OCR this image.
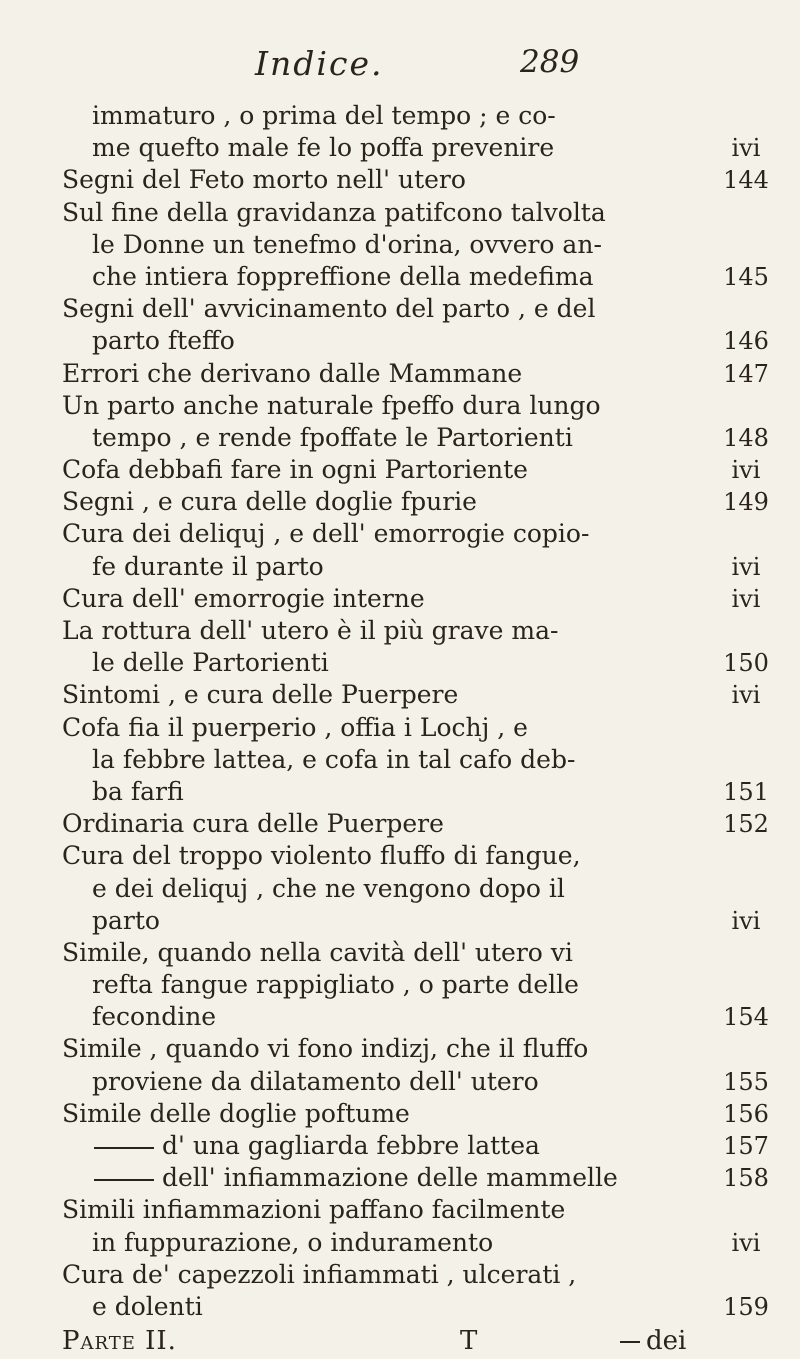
Indice.	289
immaturo , o prima del tempo ; e co-
me quefto male fe lo poffa prevenire	ivi
Segni del Feto morto nell' utero	144
Sul fine della gravidanza patifcono talvolta
le Donne un tenefmo d'orina, ovvero an-
che intiera foppreffione della medefima	145
Segni dell' avvicinamento del parto , e del
parto fteffo	146
Errori che derivano dalle Mammane	147
Un parto anche naturale fpeffo dura lungo
tempo , e rende fpoffate le Partorienti	148
Cofa debbafi fare in ogni Partoriente	ivi
Segni , e cura delle doglie fpurie	149
Cura dei deliquj , e dell' emorrogie copio-
fe durante il parto	ivi
Cura dell' emorrogie interne	ivi
La rottura dell' utero è il più grave ma-
le delle Partorienti	150
Sintomi , e cura delle Puerpere	ivi
Cofa fia il puerperio , offia i Lochj , e
la febbre lattea, e cofa in tal cafo deb-
ba farfi	151
Ordinaria cura delle Puerpere	152
Cura del troppo violento fluffo di fangue,
e dei deliquj , che ne vengono dopo il
parto	ivi
Simile, quando nella cavità dell' utero vi
refta fangue rappigliato , o parte delle
fecondine	154
Simile , quando vi fono indizj, che il fluffo
proviene da dilatamento dell' utero	155
Simile delle doglie poftume	156
d' una gagliarda febbre lattea	157
dell' infiammazione delle mammelle	158
Simili infiammazioni paffano facilmente
in fuppurazione, o induramento	ivi
Cura de' capezzoli infiammati , ulcerati ,
e dolenti	159
Parte II.	T	dei
